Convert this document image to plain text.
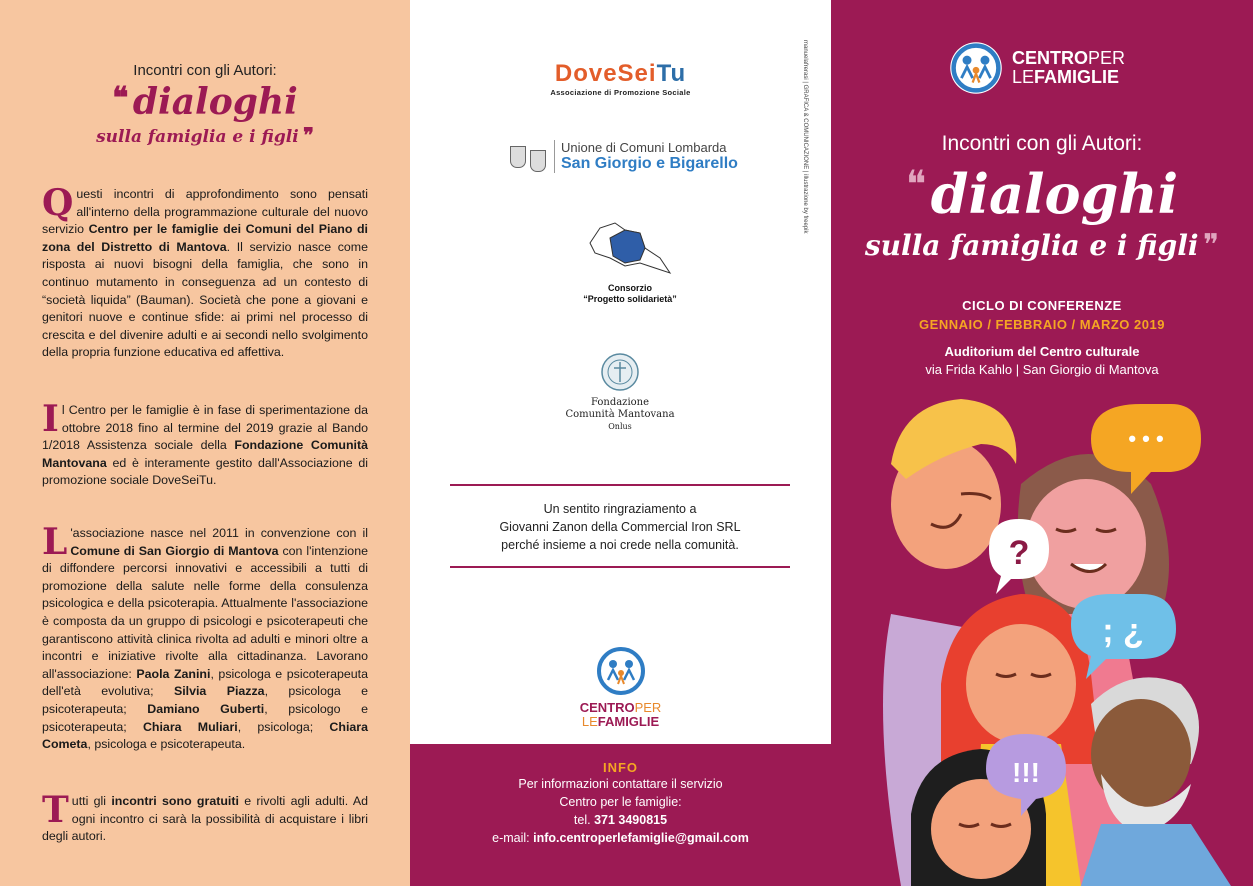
Incontri con gli Autori:
❝ dialoghi
sulla famiglia e i figli ❞
Questi incontri di approfondimento sono pensati all'interno della programmazione culturale del nuovo servizio Centro per le famiglie dei Comuni del Piano di zona del Distretto di Mantova. Il servizio nasce come risposta ai nuovi bisogni della famiglia, che sono in continuo mutamento in conseguenza ad un contesto di “società liquida” (Bauman). Società che pone a giovani e genitori nuove e continue sfide: ai primi nel processo di crescita e del divenire adulti e ai secondi nello svolgimento della propria funzione educativa ed affettiva.
Il Centro per le famiglie è in fase di sperimentazione da ottobre 2018 fino al termine del 2019 grazie al Bando 1/2018 Assistenza sociale della Fondazione Comunità Mantovana ed è interamente gestito dall'Associazione di promozione sociale DoveSeiTu.
L 'associazione nasce nel 2011 in convenzione con il Comune di San Giorgio di Mantova con l'intenzione di diffondere percorsi innovativi e accessibili a tutti di promozione della salute nelle forme della consulenza psicologica e della psicoterapia. Attualmente l'associazione è composta da un gruppo di psicologi e psicoterapeuti che garantiscono attività clinica rivolta ad adulti e minori oltre a incontri e iniziative rivolte alla cittadinanza. Lavorano all'associazione: Paola Zanini, psicologa e psicoterapeuta dell'età evolutiva; Silvia Piazza, psicologa e psicoterapeuta; Damiano Guberti, psicologo e psicoterapeuta; Chiara Muliari, psicologa; Chiara Cometa, psicologa e psicoterapeuta.
Tutti gli incontri sono gratuiti e rivolti agli adulti. Ad ogni incontro ci sarà la possibilità di acquistare i libri degli autori.
DoveSeiTu
Associazione di Promozione Sociale
Unione di Comuni Lombarda
San Giorgio e Bigarello
Consorzio
“Progetto solidarietà”
Fondazione
Comunità Mantovana
Onlus
CENTROPER
LEFAMIGLIE
manuelafrerasi | GRAFICA & COMUNICAZIONE | illustrazione by freepik
Un sentito ringraziamento a
Giovanni Zanon della Commercial Iron SRL
perché insieme a noi crede nella comunità.
INFO
Per informazioni contattare il servizio
Centro per le famiglie:
tel. 371 3490815
e-mail: info.centroperlefamiglie@gmail.com
CENTROPER
LEFAMIGLIE
Incontri con gli Autori:
❝ dialoghi
sulla famiglia e i figli ❞
CICLO DI CONFERENZE
GENNAIO / FEBBRAIO / MARZO 2019
Auditorium del Centro culturale
via Frida Kahlo | San Giorgio di Mantova
• • •
?
; ¿
!!!
